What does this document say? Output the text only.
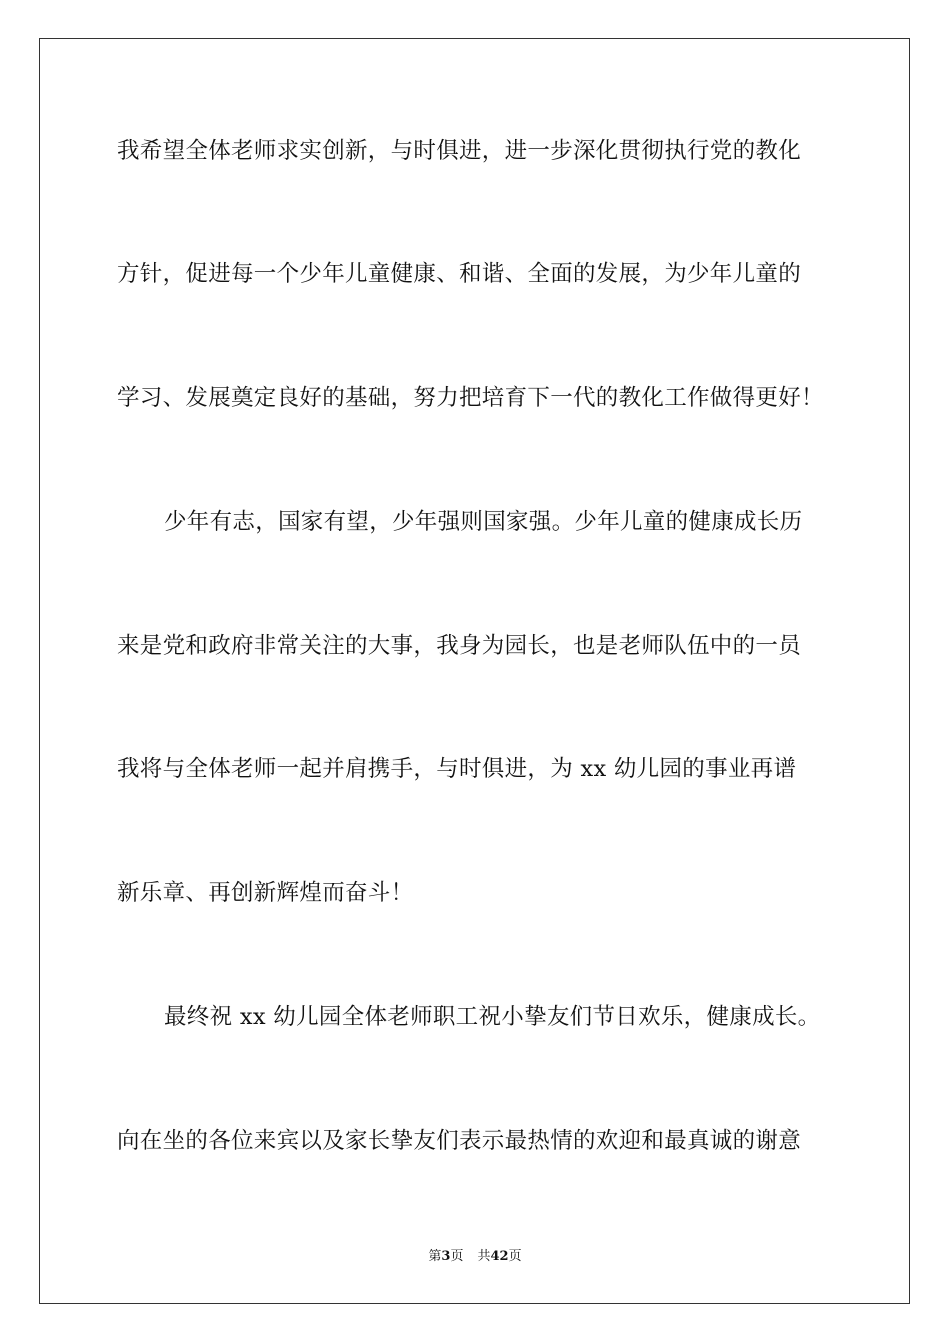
我希望全体老师求实创新，与时俱进，进一步深化贯彻执行党的教化
方针，促进每一个少年儿童健康、和谐、全面的发展，为少年儿童的
学习、发展奠定良好的基础，努力把培育下一代的教化工作做得更好！
少年有志，国家有望，少年强则国家强。少年儿童的健康成长历
来是党和政府非常关注的大事，我身为园长，也是老师队伍中的一员
我将与全体老师一起并肩携手，与时俱进，为 xx 幼儿园的事业再谱
新乐章、再创新辉煌而奋斗！
最终祝 xx 幼儿园全体老师职工祝小挚友们节日欢乐，健康成长。
向在坐的各位来宾以及家长挚友们表示最热情的欢迎和最真诚的谢意
第3页 共42页
